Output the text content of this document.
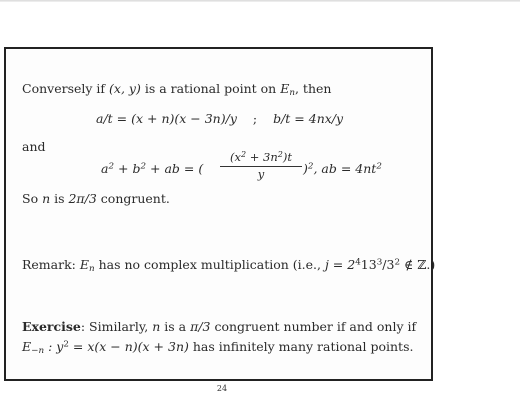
Conversely if (x, y) is a rational point on $E_n$, then
a/t = (x + n)(x − 3n)/y ; b/t = 4nx/y
and
$a^2 + b^2$ + ab = (
$(x^2 + 3n^2)t$
y	)$^2$, ab = $4nt^2$
So n is 2π/3 congruent.
Remark: $E_n$ has no complex multiplication (i.e., $j = 2^413^3/3^2$ ∉ ℤ.)
Exercise: Similarly, n is a π/3 congruent number if and only if
$E_{-n}$ : $y^2 = x(x - n)(x + 3n)$ has infinitely many rational points.
24
